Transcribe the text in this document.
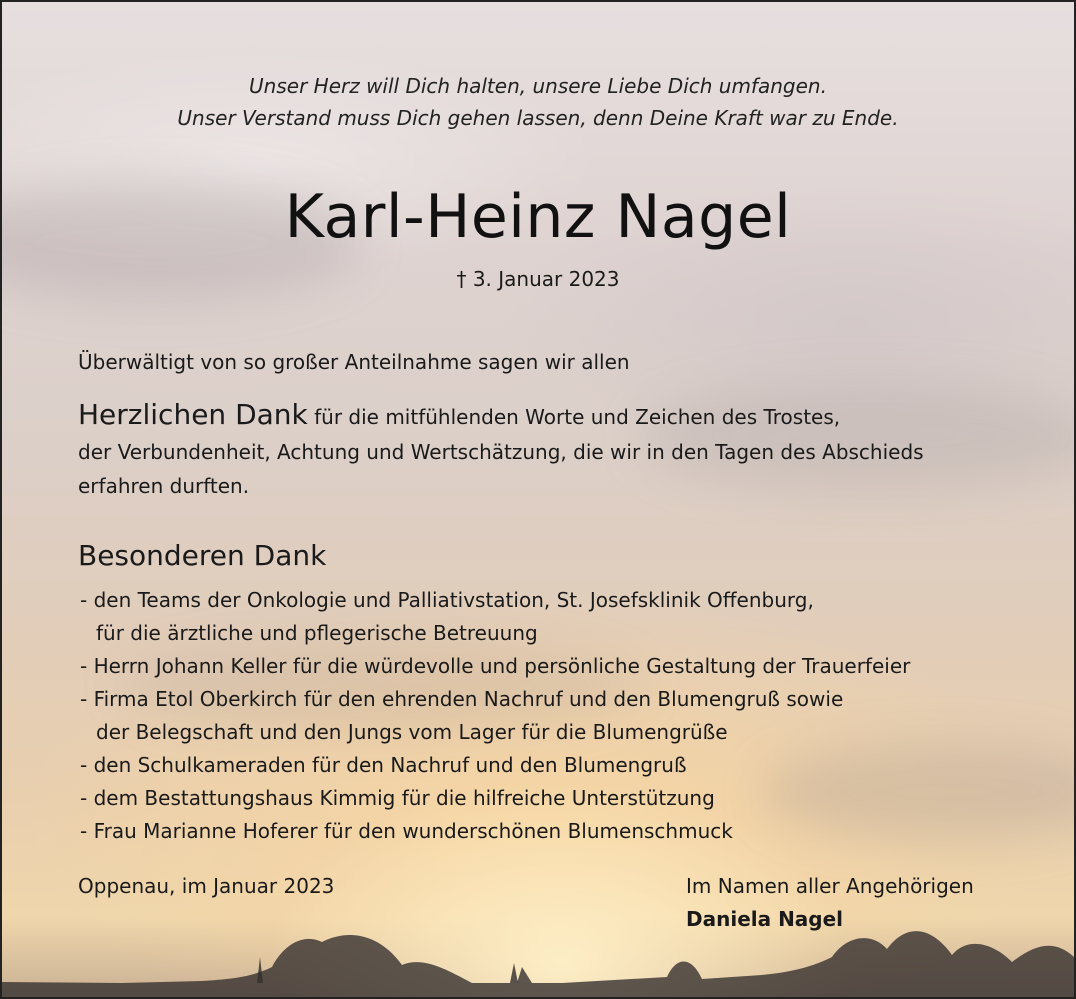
Unser Herz will Dich halten, unsere Liebe Dich umfangen.
Unser Verstand muss Dich gehen lassen, denn Deine Kraft war zu Ende.
Karl-Heinz Nagel
† 3. Januar 2023
Überwältigt von so großer Anteilnahme sagen wir allen
Herzlichen Dank für die mitfühlenden Worte und Zeichen des Trostes,
der Verbundenheit, Achtung und Wertschätzung, die wir in den Tagen des Abschieds
erfahren durften.
Besonderen Dank
- den Teams der Onkologie und Palliativstation, St. Josefsklinik Offenburg,
für die ärztliche und pflegerische Betreuung
- Herrn Johann Keller für die würdevolle und persönliche Gestaltung der Trauerfeier
- Firma Etol Oberkirch für den ehrenden Nachruf und den Blumengruß sowie
der Belegschaft und den Jungs vom Lager für die Blumengrüße
- den Schulkameraden für den Nachruf und den Blumengruß
- dem Bestattungshaus Kimmig für die hilfreiche Unterstützung
- Frau Marianne Hoferer für den wunderschönen Blumenschmuck
Oppenau, im Januar 2023	Im Namen aller Angehörigen
Daniela Nagel
